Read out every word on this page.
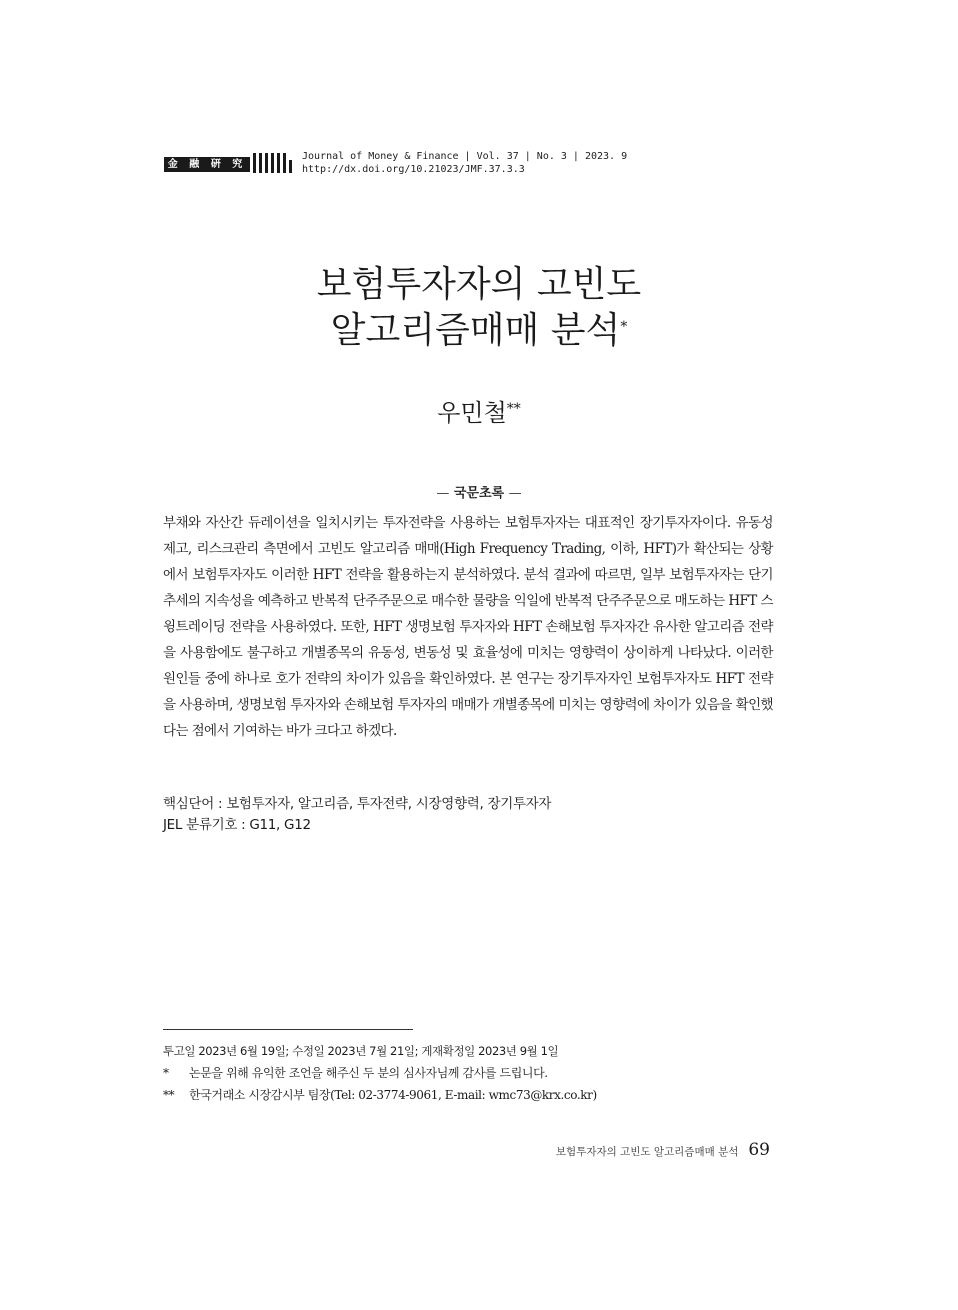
金 融 硏 究
Journal of Money & Finance | Vol. 37 | No. 3 | 2023. 9
http://dx.doi.org/10.21023/JMF.37.3.3
보험투자자의 고빈도
알고리즘매매 분석*
우민철**
— 국문초록 —

부채와 자산간 듀레이션을 일치시키는 투자전략을 사용하는 보험투자자는 대표적인 장기투자자이다. 유동성 제고, 리스크관리 측면에서 고빈도 알고리즘 매매(High Frequency Trading, 이하, HFT)가 확산되는 상황에서 보험투자자도 이러한 HFT 전략을 활용하는지 분석하였다. 분석 결과에 따르면, 일부 보험투자자는 단기추세의 지속성을 예측하고 반복적 단주주문으로 매수한 물량을 익일에 반복적 단주주문으로 매도하는 HFT 스윙트레이딩 전략을 사용하였다. 또한, HFT 생명보험 투자자와 HFT 손해보험 투자자간 유사한 알고리즘 전략을 사용함에도 불구하고 개별종목의 유동성, 변동성 및 효율성에 미치는 영향력이 상이하게 나타났다. 이러한 원인들 중에 하나로 호가 전략의 차이가 있음을 확인하였다. 본 연구는 장기투자자인 보험투자자도 HFT 전략을 사용하며, 생명보험 투자자와 손해보험 투자자의 매매가 개별종목에 미치는 영향력에 차이가 있음을 확인했다는 점에서 기여하는 바가 크다고 하겠다.

핵심단어 : 보험투자자, 알고리즘, 투자전략, 시장영향력, 장기투자자
JEL 분류기호 : G11, G12
투고일 2023년 6월 19일; 수정일 2023년 7월 21일; 게재확정일 2023년 9월 1일
*	논문을 위해 유익한 조언을 해주신 두 분의 심사자님께 감사를 드립니다.
**	한국거래소 시장감시부 팀장(Tel: 02-3774-9061, E-mail: wmc73@krx.co.kr)
보험투자자의 고빈도 알고리즘매매 분석 69
